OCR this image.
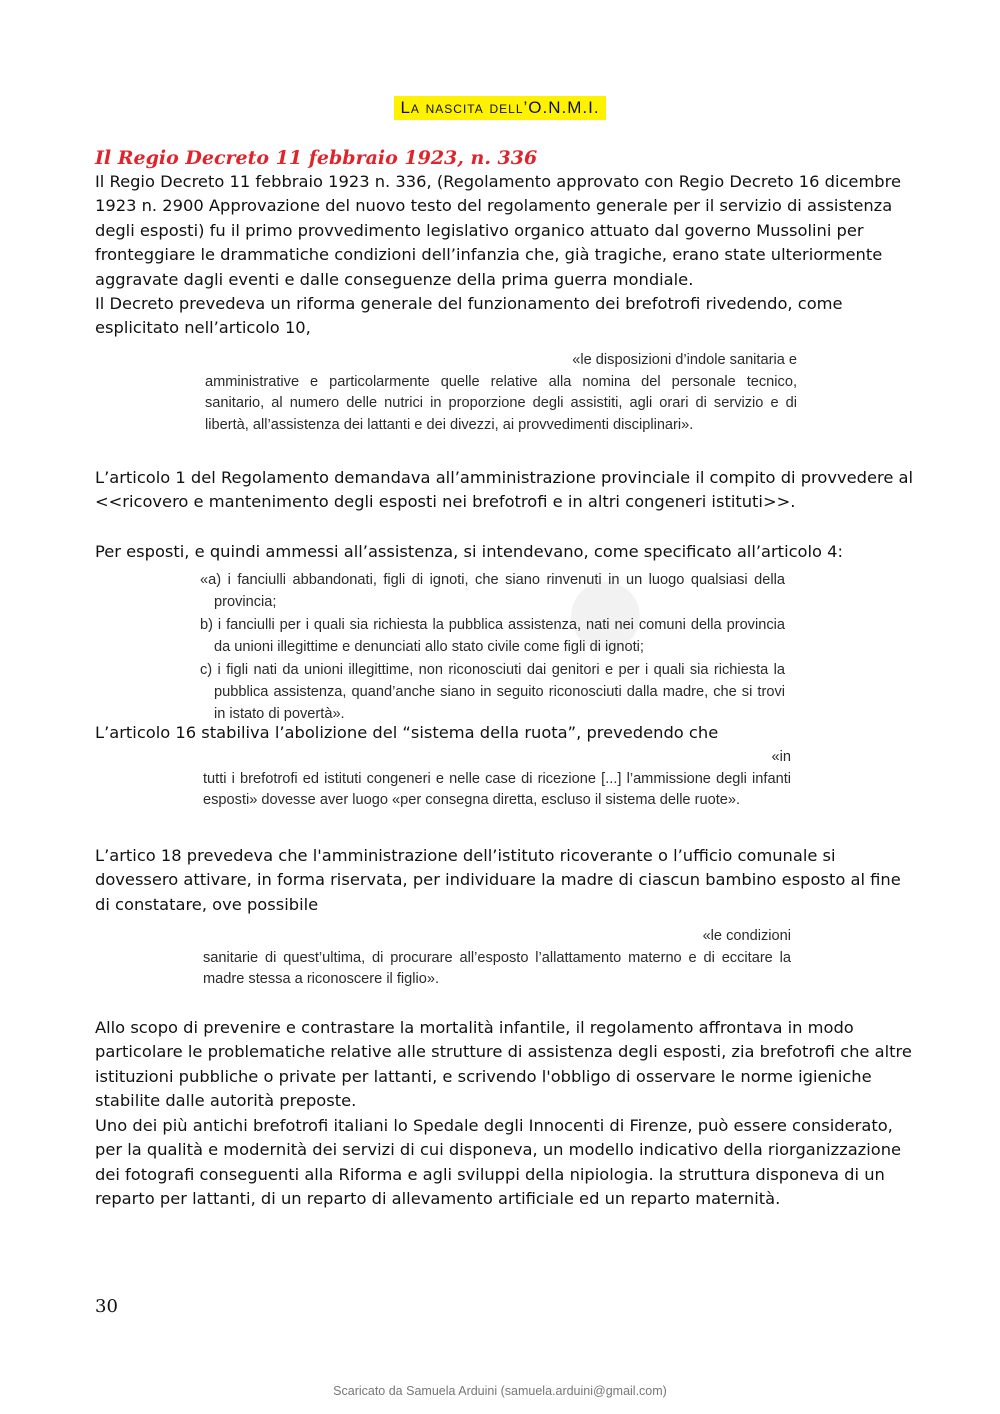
●
La nascita dell’O.N.M.I.
Il Regio Decreto 11 febbraio 1923, n. 336

Il Regio Decreto 11 febbraio 1923 n. 336, (Regolamento approvato con Regio Decreto 16 dicembre 1923 n. 2900 Approvazione del nuovo testo del regolamento generale per il servizio di assistenza degli esposti) fu il primo provvedimento legislativo organico attuato dal governo Mussolini per fronteggiare le drammatiche condizioni dell’infanzia che, già tragiche, erano state ulteriormente aggravate dagli eventi e dalle conseguenze della prima guerra mondiale.

Il Decreto prevedeva un riforma generale del funzionamento dei brefotrofi rivedendo, come esplicitato nell’articolo 10,

«le disposizioni d’indole sanitaria e
amministrative e particolarmente quelle relative alla nomina del personale tecnico, sanitario, al numero delle nutrici in proporzione degli assistiti, agli orari di servizio e di libertà, all’assistenza dei lattanti e dei divezzi, ai provvedimenti disciplinari».

L’articolo 1 del Regolamento demandava all’amministrazione provinciale il compito di provvedere al <<ricovero e mantenimento degli esposti nei brefotrofi e in altri congeneri istituti>>.

Per esposti, e quindi ammessi all’assistenza, si intendevano, come specificato all’articolo 4:

«a) i fanciulli abbandonati, figli di ignoti, che siano rinvenuti in un luogo qualsiasi della provincia;
b) i fanciulli per i quali sia richiesta la pubblica assistenza, nati nei comuni della provincia da unioni illegittime e denunciati allo stato civile come figli di ignoti;
c) i figli nati da unioni illegittime, non riconosciuti dai genitori e per i quali sia richiesta la pubblica assistenza, quand’anche siano in seguito riconosciuti dalla madre, che si trovi in istato di povertà».

L’articolo 16 stabiliva l’abolizione del “sistema della ruota”, prevedendo che

«in
tutti i brefotrofi ed istituti congeneri e nelle case di ricezione [...] l’ammissione degli infanti esposti» dovesse aver luogo «per consegna diretta, escluso il sistema delle ruote».

L’artico 18 prevedeva che l'amministrazione dell’istituto ricoverante o l’ufficio comunale si dovessero attivare, in forma riservata, per individuare la madre di ciascun bambino esposto al fine di constatare, ove possibile

«le condizioni
sanitarie di quest’ultima, di procurare all’esposto l’allattamento materno e di eccitare la madre stessa a riconoscere il figlio».

Allo scopo di prevenire e contrastare la mortalità infantile, il regolamento affrontava in modo particolare le problematiche relative alle strutture di assistenza degli esposti, zia brefotrofi che altre istituzioni pubbliche o private per lattanti, e scrivendo l'obbligo di osservare le norme igieniche stabilite dalle autorità preposte.

Uno dei più antichi brefotrofi italiani lo Spedale degli Innocenti di Firenze, può essere considerato, per la qualità e modernità dei servizi di cui disponeva, un modello indicativo della riorganizzazione dei fotografi conseguenti alla Riforma e agli sviluppi della nipiologia. la struttura disponeva di un reparto per lattanti, di un reparto di allevamento artificiale ed un reparto maternità.

30

Scaricato da Samuela Arduini (samuela.arduini@gmail.com)
